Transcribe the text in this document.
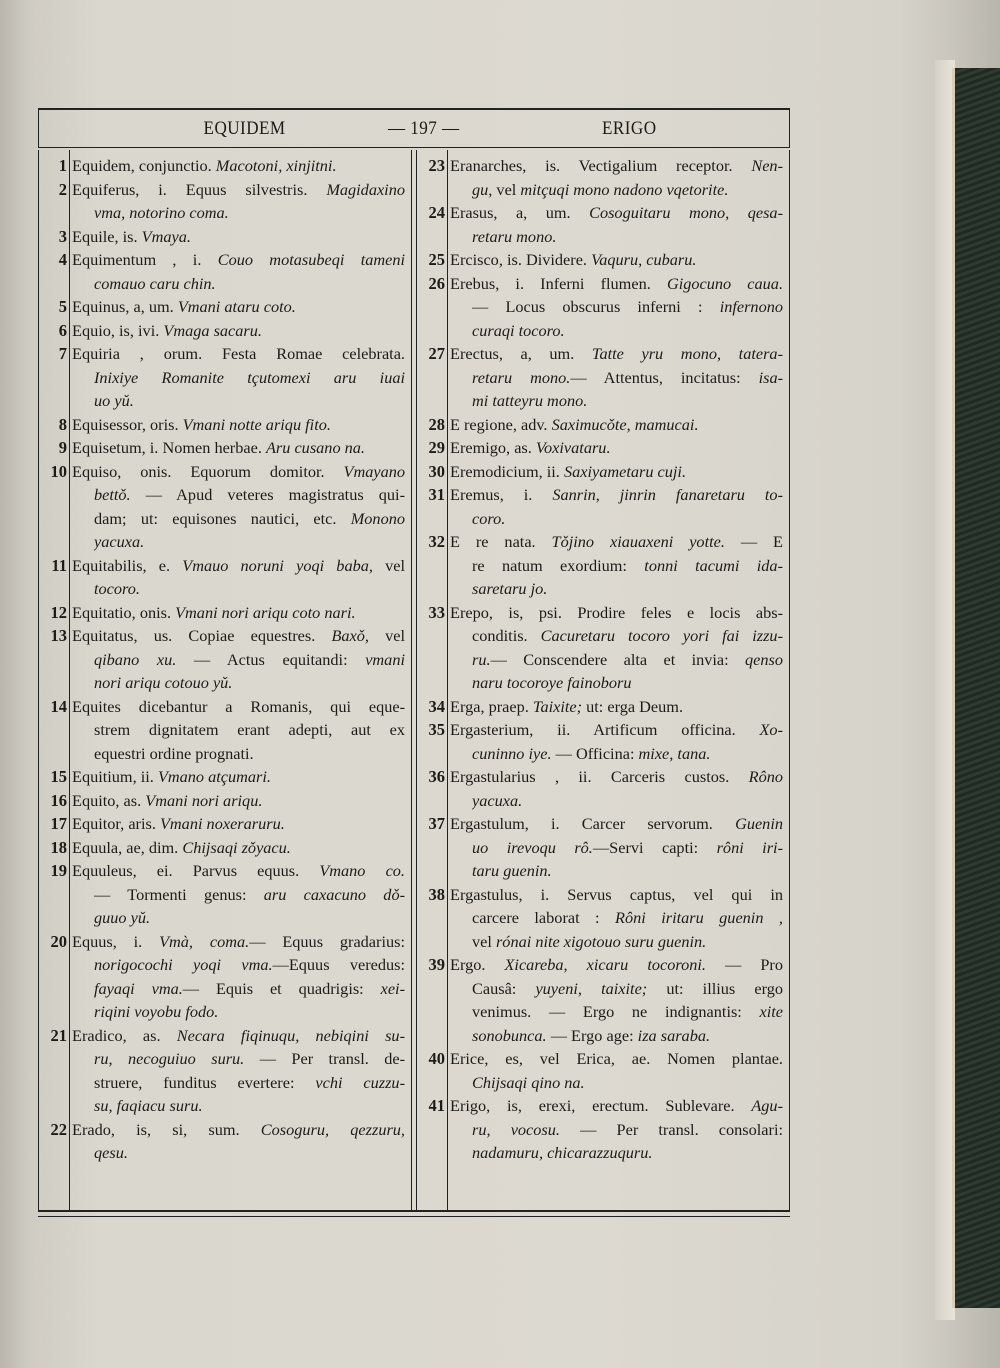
EQUIDEM	— 197 —	ERIGO
1 Equidem, conjunctio. Macotoni, xinjitni.
2 Equiferus, i. Equus silvestris. Magidaxino
vma, notorino coma.
3 Equile, is. Vmaya.
4 Equimentum , i. Couo motasubeqi tameni
comauo caru chin.
5 Equinus, a, um. Vmani ataru coto.
6 Equio, is, ivi. Vmaga sacaru.
7 Equiria , orum. Festa Romae celebrata.
Inixiye Romanite tçutomexi aru iuai
uo yǔ.
8 Equisessor, oris. Vmani notte ariqu fito.
9 Equisetum, i. Nomen herbae. Aru cusano na.
10 Equiso, onis. Equorum domitor. Vmayano
bettǒ. — Apud veteres magistratus qui-
dam; ut: equisones nautici, etc. Monono
yacuxa.
11 Equitabilis, e. Vmauo noruni yoqi baba, vel
tocoro.
12 Equitatio, onis. Vmani nori ariqu coto nari.
13 Equitatus, us. Copiae equestres. Baxǒ, vel
qibano xu. — Actus equitandi: vmani
nori ariqu cotouo yǔ.
14 Equites dicebantur a Romanis, qui eque-
strem dignitatem erant adepti, aut ex
equestri ordine prognati.
15 Equitium, ii. Vmano atçumari.
16 Equito, as. Vmani nori ariqu.
17 Equitor, aris. Vmani noxeraruru.
18 Equula, ae, dim. Chijsaqi zǒyacu.
19 Equuleus, ei. Parvus equus. Vmano co.
— Tormenti genus: aru caxacuno dǒ-
guuo yǔ.
20 Equus, i. Vmà, coma.— Equus gradarius:
norigocochi yoqi vma.—Equus veredus:
fayaqi vma.— Equis et quadrigis: xei-
riqini voyobu fodo.
21 Eradico, as. Necara fiqinuqu, nebiqini su-
ru, necoguiuo suru. — Per transl. de-
struere, funditus evertere: vchi cuzzu-
su, faqiacu suru.
22 Erado, is, si, sum. Cosoguru, qezzuru,
qesu.
23 Eranarches, is. Vectigalium receptor. Nen-
gu, vel mitçuqi mono nadono vqetorite.
24 Erasus, a, um. Cosoguitaru mono, qesa-
retaru mono.
25 Ercisco, is. Dividere. Vaquru, cubaru.
26 Erebus, i. Inferni flumen. Gigocuno caua.
— Locus obscurus inferni : infernono
curaqi tocoro.
27 Erectus, a, um. Tatte yru mono, tatera-
retaru mono.— Attentus, incitatus: isa-
mi tatteyru mono.
28 E regione, adv. Saximucǒte, mamucai.
29 Eremigo, as. Voxivataru.
30 Eremodicium, ii. Saxiyametaru cuji.
31 Eremus, i. Sanrin, jinrin fanaretaru to-
coro.
32 E re nata. Tǒjino xiauaxeni yotte. — E
re natum exordium: tonni tacumi ida-
saretaru jo.
33 Erepo, is, psi. Prodire feles e locis abs-
conditis. Cacuretaru tocoro yori fai izzu-
ru.— Conscendere alta et invia: qenso
naru tocoroye fainoboru
34 Erga, praep. Taixite; ut: erga Deum.
35 Ergasterium, ii. Artificum officina. Xo-
cuninno iye. — Officina: mixe, tana.
36 Ergastularius , ii. Carceris custos. Rôno
yacuxa.
37 Ergastulum, i. Carcer servorum. Guenin
uo irevoqu rô.—Servi capti: rôni iri-
taru guenin.
38 Ergastulus, i. Servus captus, vel qui in
carcere laborat : Rôni iritaru guenin ,
vel rónai nite xigotouo suru guenin.
39 Ergo. Xicareba, xicaru tocoroni. — Pro
Causâ: yuyeni, taixite; ut: illius ergo
venimus. — Ergo ne indignantis: xite
sonobunca. — Ergo age: iza saraba.
40 Erice, es, vel Erica, ae. Nomen plantae.
Chijsaqi qino na.
41 Erigo, is, erexi, erectum. Sublevare. Agu-
ru, vocosu. — Per transl. consolari:
nadamuru, chicarazzuquru.
